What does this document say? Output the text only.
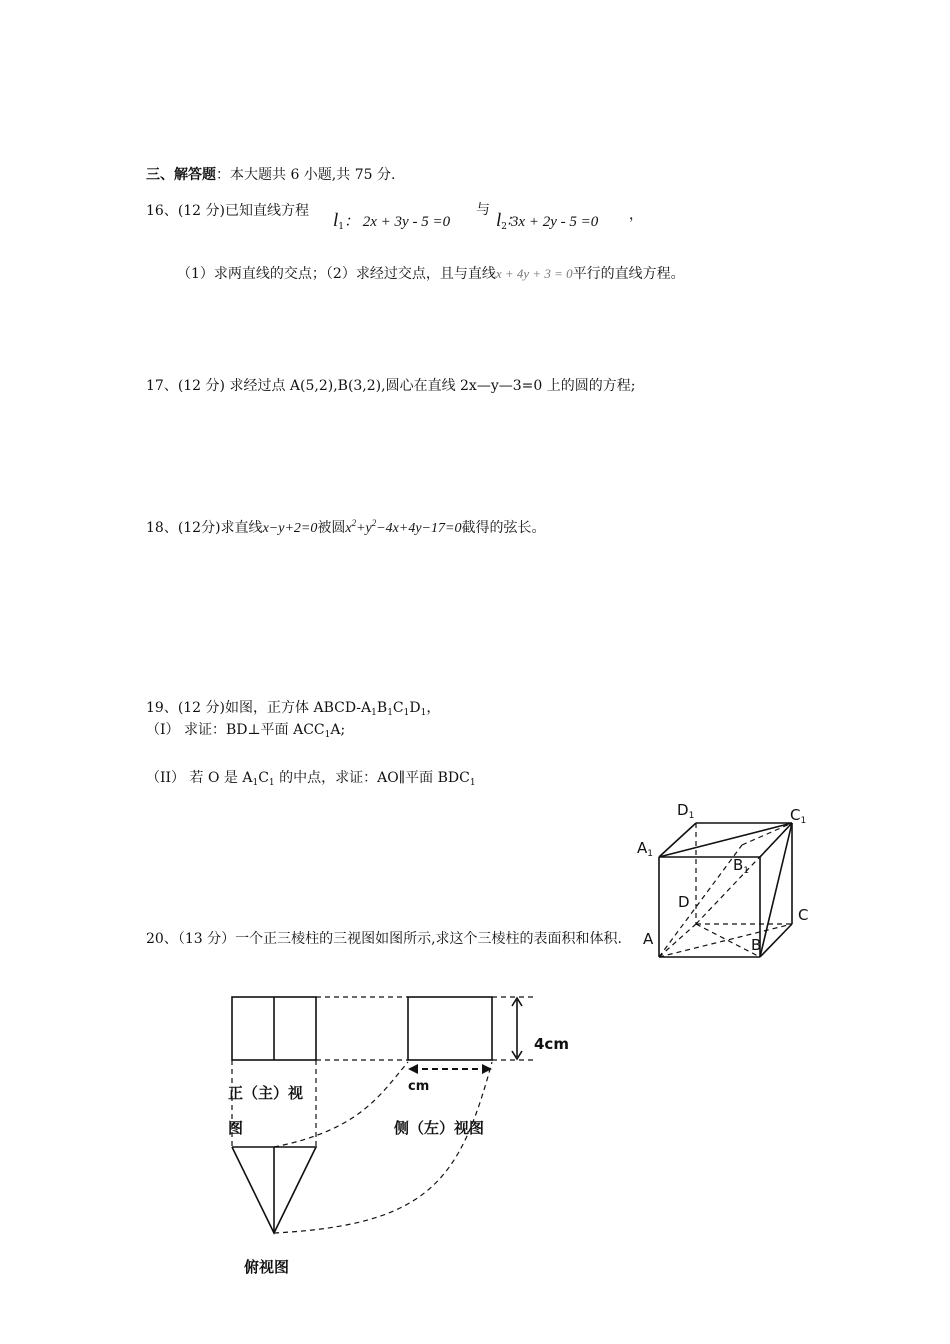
三、解答题：本大题共 6 小题,共 75 分.
16、(12 分)已知直线方程 $l_1$： 2x + 3y - 5 =0
与 $l_2∶3x + 2y - 5 =0$ ，
（1）求两直线的交点；（2）求经过交点，且与直线x + 4y + 3 = 0平行的直线方程。
17、(12 分) 求经过点 A(5,2),B(3,2),圆心在直线 2x—y—3=0 上的圆的方程;
18、(12分)求直线x−y+2=0被圆$x^2+y^2-4x+4y-17=0$截得的弦长。
19、(12 分)如图，正方体 ABCD-$A_1B_1C_1D_1$，
（I） 求证：BD⊥平面 $ACC_1A$;
（II） 若 O 是 $A_1C_1$ 的中点，求证：AO∥平面 $BDC_1$
20、（13 分）一个正三棱柱的三视图如图所示,求这个三棱柱的表面积和体积.
$D_1$	$C_1$
$A_1$
$B_1$
D
C
A	B
4cm
cm
正（主）视
图	侧（左）视图
俯视图
